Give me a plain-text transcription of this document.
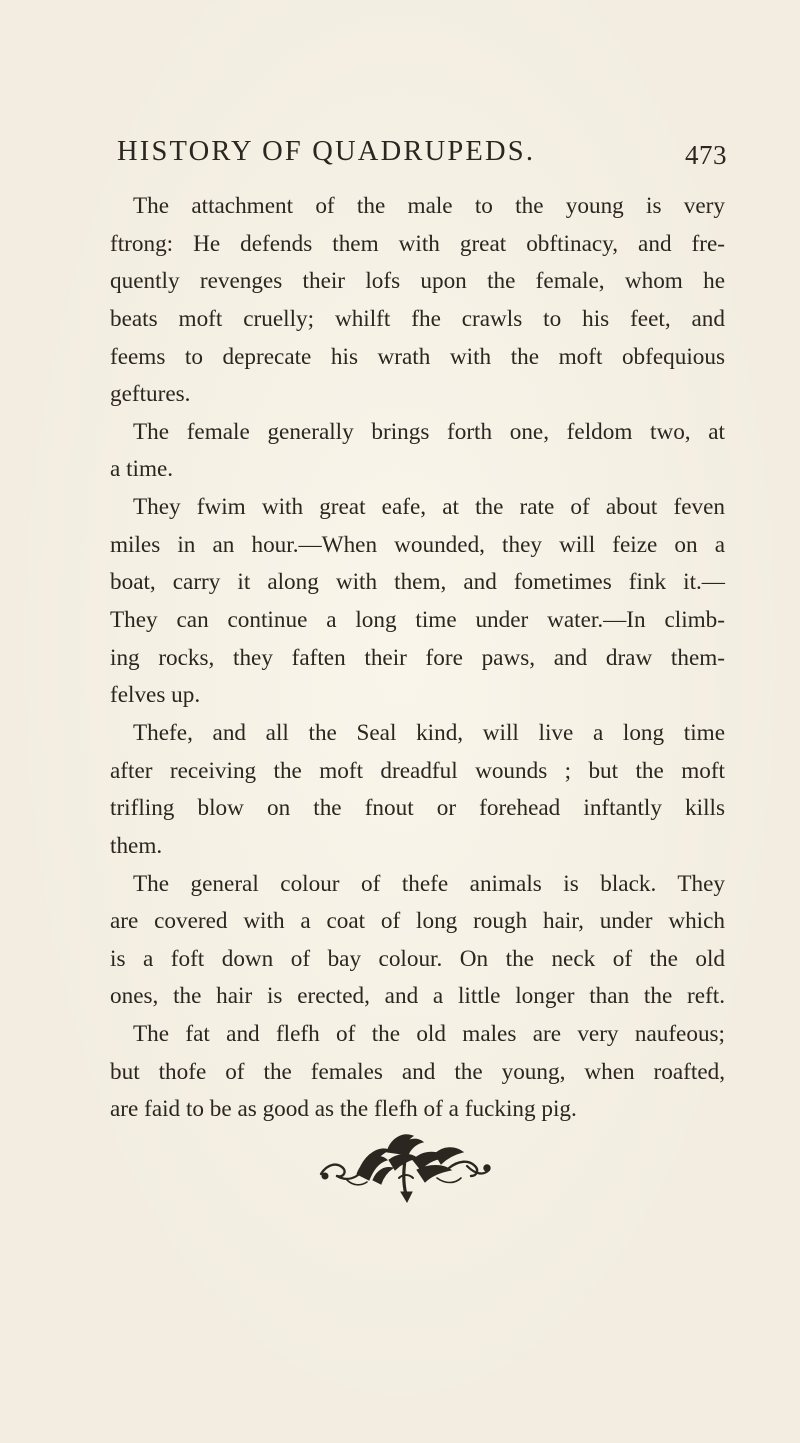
HISTORY OF QUADRUPEDS.	473
The attachment of the male to the young is very
ftrong: He defends them with great obftinacy, and fre-
quently revenges their lofs upon the female, whom he
beats moft cruelly; whilft fhe crawls to his feet, and
feems to deprecate his wrath with the moft obfequious
geftures.
The female generally brings forth one, feldom two, at
a time.
They fwim with great eafe, at the rate of about feven
miles in an hour.—When wounded, they will feize on a
boat, carry it along with them, and fometimes fink it.—
They can continue a long time under water.—In climb-
ing rocks, they faften their fore paws, and draw them-
felves up.
Thefe, and all the Seal kind, will live a long time
after receiving the moft dreadful wounds ; but the moft
trifling blow on the fnout or forehead inftantly kills
them.
The general colour of thefe animals is black. They
are covered with a coat of long rough hair, under which
is a foft down of bay colour. On the neck of the old
ones, the hair is erected, and a little longer than the reft.
The fat and flefh of the old males are very naufeous;
but thofe of the females and the young, when roafted,
are faid to be as good as the flefh of a fucking pig.
